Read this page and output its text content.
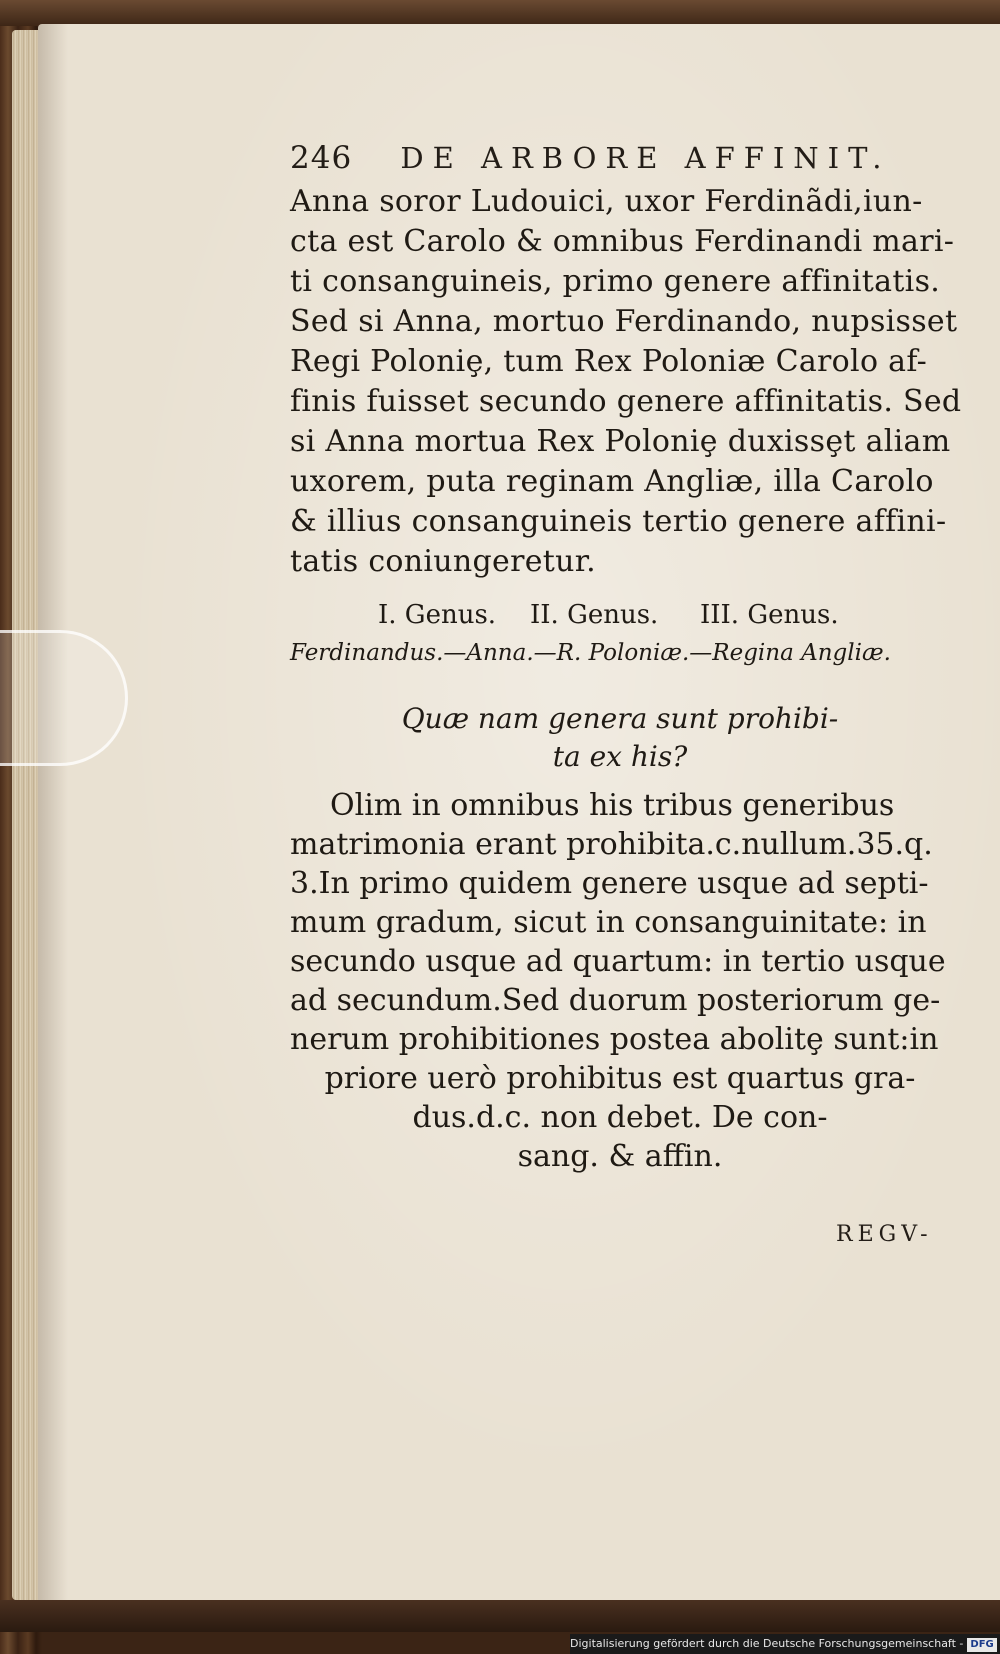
246 DE ARBORE AFFINIT.
Anna soror Ludouici, uxor Ferdinãdi,iun-
cta est Carolo & omnibus Ferdinandi mari-
ti consanguineis, primo genere affinitatis.
Sed si Anna, mortuo Ferdinando, nupsisset
Regi Poloniȩ, tum Rex Poloniæ Carolo af-
finis fuisset secundo genere affinitatis. Sed
si Anna mortua Rex Poloniȩ duxissȩt aliam
uxorem, puta reginam Angliæ, illa Carolo
& illius consanguineis tertio genere affini-
tatis coniungeretur.
I. Genus. II. Genus. III. Genus.
Ferdinandus.—Anna.—R. Poloniæ.—Regina Angliæ.
Quæ nam genera sunt prohibi-
ta ex his?
Olim in omnibus his tribus generibus
matrimonia erant prohibita.c.nullum.35.q.
3.In primo quidem genere usque ad septi-
mum gradum, sicut in consanguinitate: in
secundo usque ad quartum: in tertio usque
ad secundum.Sed duorum posteriorum ge-
nerum prohibitiones postea abolitȩ sunt:in
priore uerò prohibitus est quartus gra-
dus.d.c. non debet. De con-
sang. & affin.
REGV-
Digitalisierung gefördert durch die Deutsche Forschungsgemeinschaft - DFG
